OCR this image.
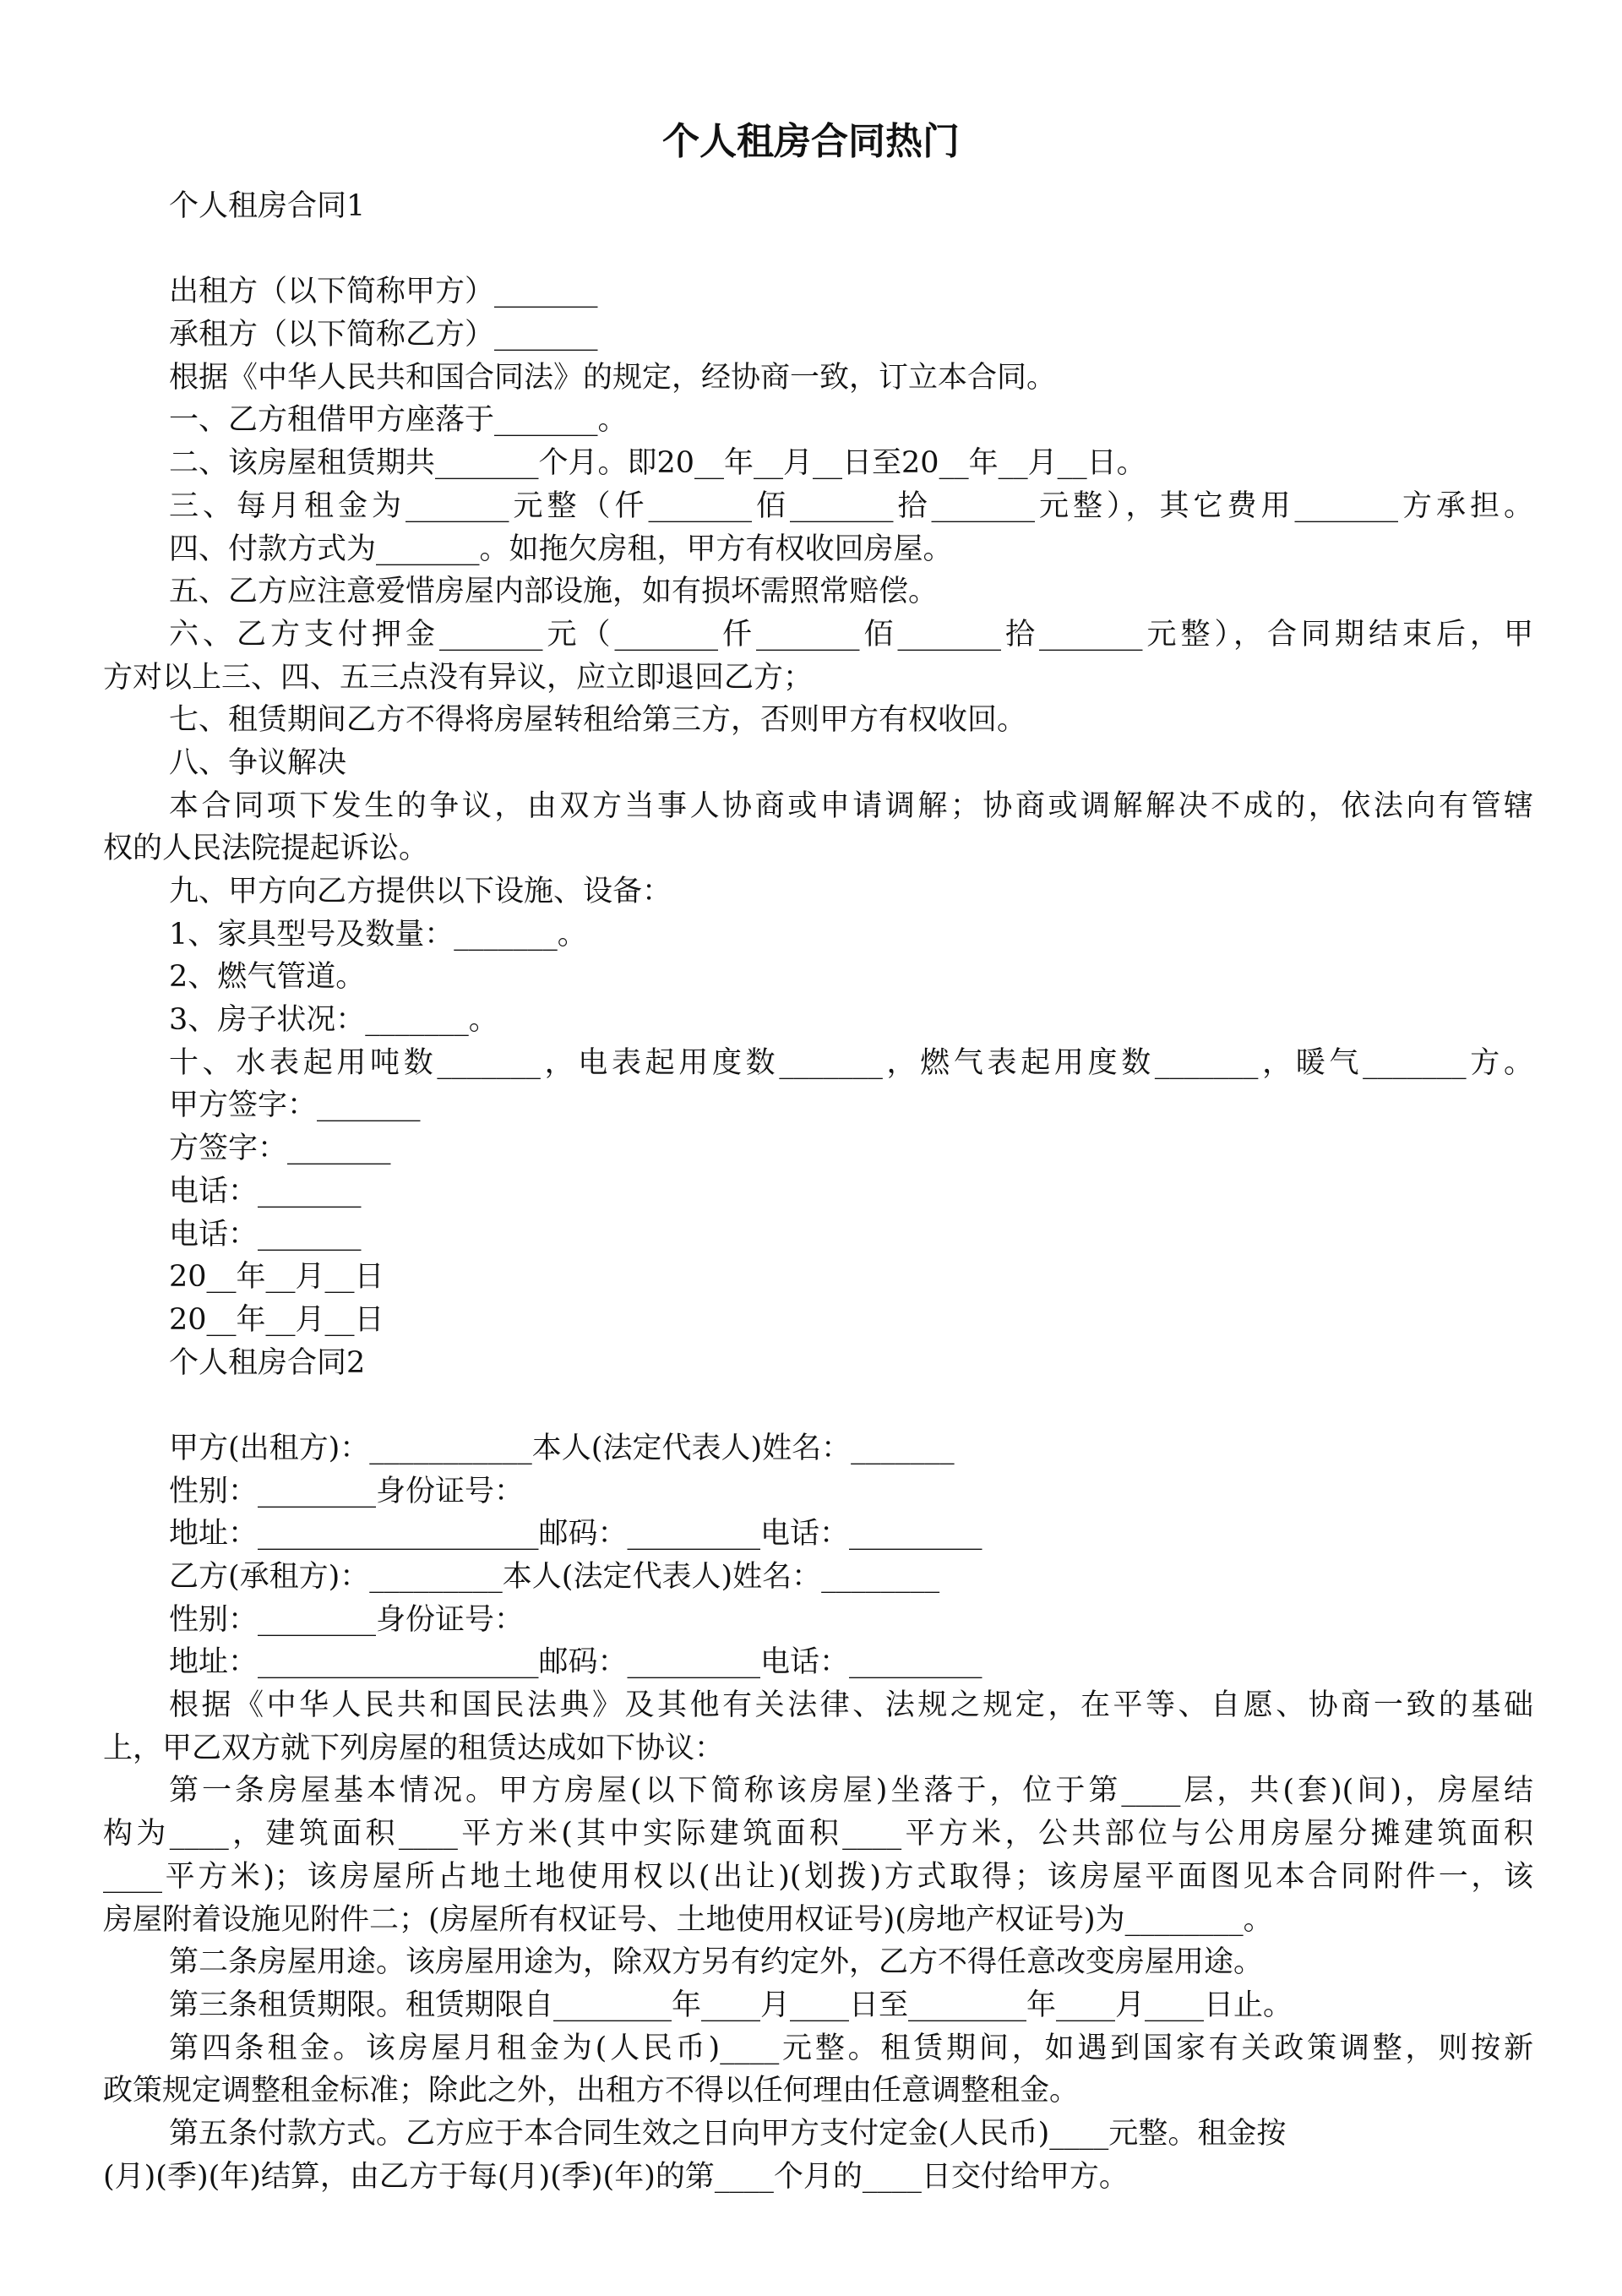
个人租房合同热门
个人租房合同1
出租方（以下简称甲方）_______
承租方（以下简称乙方）_______
根据《中华人民共和国合同法》的规定，经协商一致，订立本合同。
一、乙方租借甲方座落于_______。
二、该房屋租赁期共_______个月。即20__年__月__日至20__年__月__日。
三、每月租金为_______元整（仟_______佰_______拾_______元整），其它费用_______方承担。
四、付款方式为_______。如拖欠房租，甲方有权收回房屋。
五、乙方应注意爱惜房屋内部设施，如有损坏需照常赔偿。
六、乙方支付押金_______元（_______仟_______佰_______拾_______元整），合同期结束后，甲
方对以上三、四、五三点没有异议，应立即退回乙方；
七、租赁期间乙方不得将房屋转租给第三方，否则甲方有权收回。
八、争议解决
本合同项下发生的争议，由双方当事人协商或申请调解；协商或调解解决不成的，依法向有管辖
权的人民法院提起诉讼。
九、甲方向乙方提供以下设施、设备：
1、家具型号及数量：_______。
2、燃气管道。
3、房子状况：_______。
十、水表起用吨数_______，电表起用度数_______，燃气表起用度数_______，暖气_______方。
甲方签字：_______
方签字：_______
电话：_______
电话：_______
20__年__月__日
20__年__月__日
个人租房合同2
甲方(出租方)：___________本人(法定代表人)姓名：_______
性别：________身份证号：
地址：___________________邮码：_________电话：_________
乙方(承租方)：_________本人(法定代表人)姓名：________
性别：________身份证号：
地址：___________________邮码：_________电话：_________
根据《中华人民共和国民法典》及其他有关法律、法规之规定，在平等、自愿、协商一致的基础
上，甲乙双方就下列房屋的租赁达成如下协议：
第一条房屋基本情况。甲方房屋(以下简称该房屋)坐落于，位于第____层，共(套)(间)，房屋结
构为____，建筑面积____平方米(其中实际建筑面积____平方米，公共部位与公用房屋分摊建筑面积
____平方米)；该房屋所占地土地使用权以(出让)(划拨)方式取得；该房屋平面图见本合同附件一，该
房屋附着设施见附件二；(房屋所有权证号、土地使用权证号)(房地产权证号)为________。
第二条房屋用途。该房屋用途为，除双方另有约定外，乙方不得任意改变房屋用途。
第三条租赁期限。租赁期限自________年____月____日至________年____月____日止。
第四条租金。该房屋月租金为(人民币)____元整。租赁期间，如遇到国家有关政策调整，则按新
政策规定调整租金标准；除此之外，出租方不得以任何理由任意调整租金。
第五条付款方式。乙方应于本合同生效之日向甲方支付定金(人民币)____元整。租金按
(月)(季)(年)结算，由乙方于每(月)(季)(年)的第____个月的____日交付给甲方。
